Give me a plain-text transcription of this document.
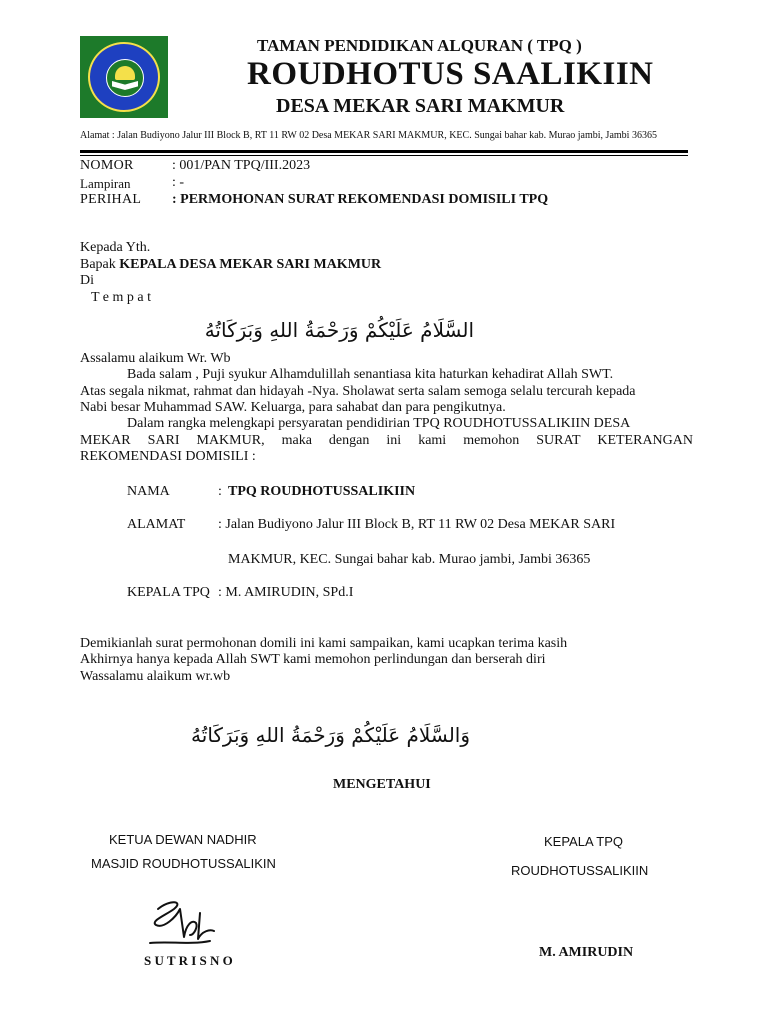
TAMAN PENDIDIKAN ALQURAN ( TPQ )
ROUDHOTUS SAALIKIIN
DESA MEKAR SARI MAKMUR
Alamat : Jalan Budiyono Jalur III Block B, RT 11 RW 02 Desa MEKAR SARI MAKMUR, KEC. Sungai bahar kab. Murao jambi, Jambi 36365
NOMOR	: 001/PAN TPQ/III.2023
Lampiran	: -
PERIHAL : PERMOHONAN SURAT REKOMENDASI DOMISILI TPQ
Kepada Yth.
Bapak KEPALA DESA MEKAR SARI MAKMUR
Di
T e m p a t
السَّلَامُ عَلَيْكُمْ وَرَحْمَةُ اللهِ وَبَرَكَاتُهُ
Assalamu alaikum Wr. Wb
Bada salam , Puji syukur Alhamdulillah senantiasa kita haturkan kehadirat Allah SWT.
Atas segala nikmat, rahmat dan hidayah -Nya. Sholawat serta salam semoga selalu tercurah kepada
Nabi besar Muhammad SAW. Keluarga, para sahabat dan para pengikutnya.
Dalam rangka melengkapi persyaratan pendidirian TPQ ROUDHOTUSSALIKIIN DESA
MEKAR SARI MAKMUR, maka dengan ini kami memohon SURAT KETERANGAN
REKOMENDASI DOMISILI :
NAMA	: TPQ ROUDHOTUSSALIKIIN
ALAMAT : Jalan Budiyono Jalur III Block B, RT 11 RW 02 Desa MEKAR SARI
MAKMUR, KEC. Sungai bahar kab. Murao jambi, Jambi 36365
KEPALA TPQ : M. AMIRUDIN, SPd.I
Demikianlah surat permohonan domili ini kami sampaikan, kami ucapkan terima kasih
Akhirnya hanya kepada Allah SWT kami memohon perlindungan dan berserah diri
Wassalamu alaikum wr.wb
وَالسَّلَامُ عَلَيْكُمْ وَرَحْمَةُ اللهِ وَبَرَكَاتُهُ
MENGETAHUI
KETUA DEWAN NADHIR
MASJID ROUDHOTUSSALIKIN
S U T R I S N O
KEPALA TPQ
ROUDHOTUSSALIKIIN
M. AMIRUDIN
